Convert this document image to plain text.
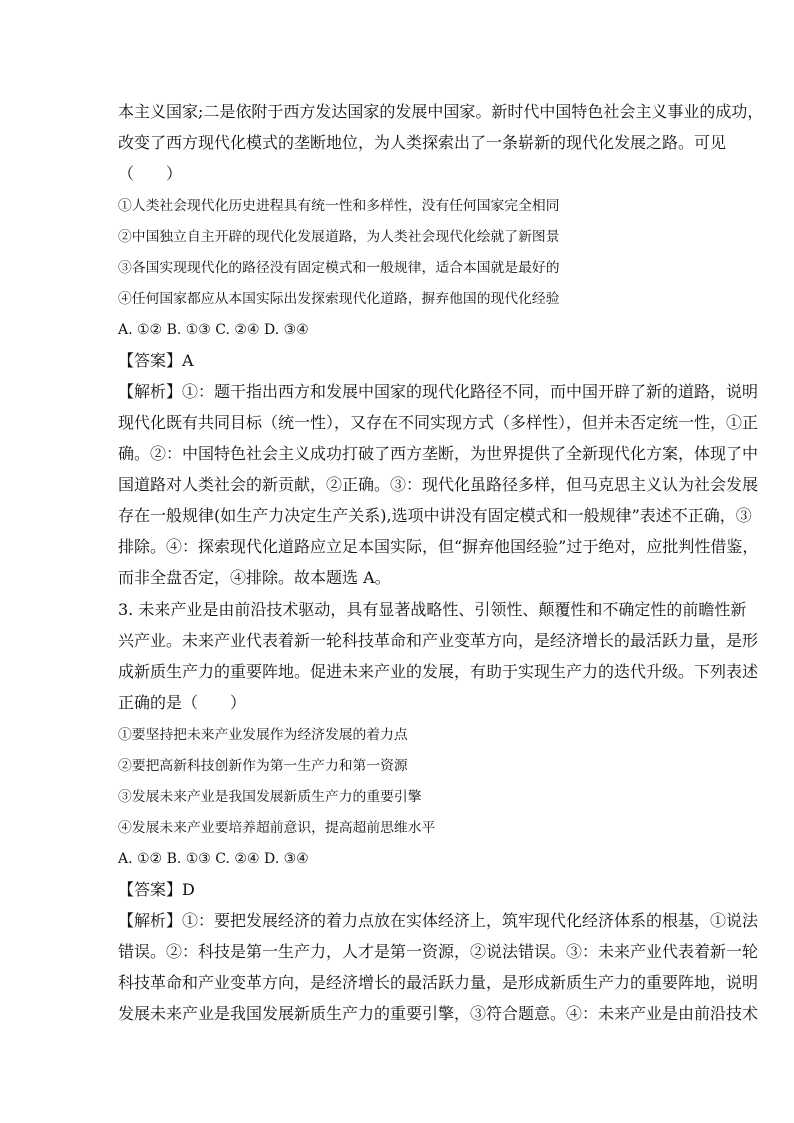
本主义国家;二是依附于西方发达国家的发展中国家。新时代中国特色社会主义事业的成功，
改变了西方现代化模式的垄断地位，为人类探索出了一条崭新的现代化发展之路。可见
（　　）
①人类社会现代化历史进程具有统一性和多样性，没有任何国家完全相同
②中国独立自主开辟的现代化发展道路，为人类社会现代化绘就了新图景
③各国实现现代化的路径没有固定模式和一般规律，适合本国就是最好的
④任何国家都应从本国实际出发探索现代化道路，摒弃他国的现代化经验
A. ①② B. ①③ C. ②④ D. ③④
【答案】A
【解析】①：题干指出西方和发展中国家的现代化路径不同，而中国开辟了新的道路，说明
现代化既有共同目标（统一性），又存在不同实现方式（多样性），但并未否定统一性，①正
确。②：中国特色社会主义成功打破了西方垄断，为世界提供了全新现代化方案，体现了中
国道路对人类社会的新贡献，②正确。③：现代化虽路径多样，但马克思主义认为社会发展
存在一般规律(如生产力决定生产关系),选项中讲没有固定模式和一般规律”表述不正确，③
排除。④：探索现代化道路应立足本国实际，但“摒弃他国经验”过于绝对，应批判性借鉴，
而非全盘否定，④排除。故本题选 A。
3. 未来产业是由前沿技术驱动，具有显著战略性、引领性、颠覆性和不确定性的前瞻性新
兴产业。未来产业代表着新一轮科技革命和产业变革方向，是经济增长的最活跃力量，是形
成新质生产力的重要阵地。促进未来产业的发展，有助于实现生产力的迭代升级。下列表述
正确的是（　　）
①要坚持把未来产业发展作为经济发展的着力点
②要把高新科技创新作为第一生产力和第一资源
③发展未来产业是我国发展新质生产力的重要引擎
④发展未来产业要培养超前意识，提高超前思维水平
A. ①② B. ①③ C. ②④ D. ③④
【答案】D
【解析】①：要把发展经济的着力点放在实体经济上，筑牢现代化经济体系的根基，①说法
错误。②：科技是第一生产力，人才是第一资源，②说法错误。③：未来产业代表着新一轮
科技革命和产业变革方向，是经济增长的最活跃力量，是形成新质生产力的重要阵地，说明
发展未来产业是我国发展新质生产力的重要引擎，③符合题意。④：未来产业是由前沿技术
